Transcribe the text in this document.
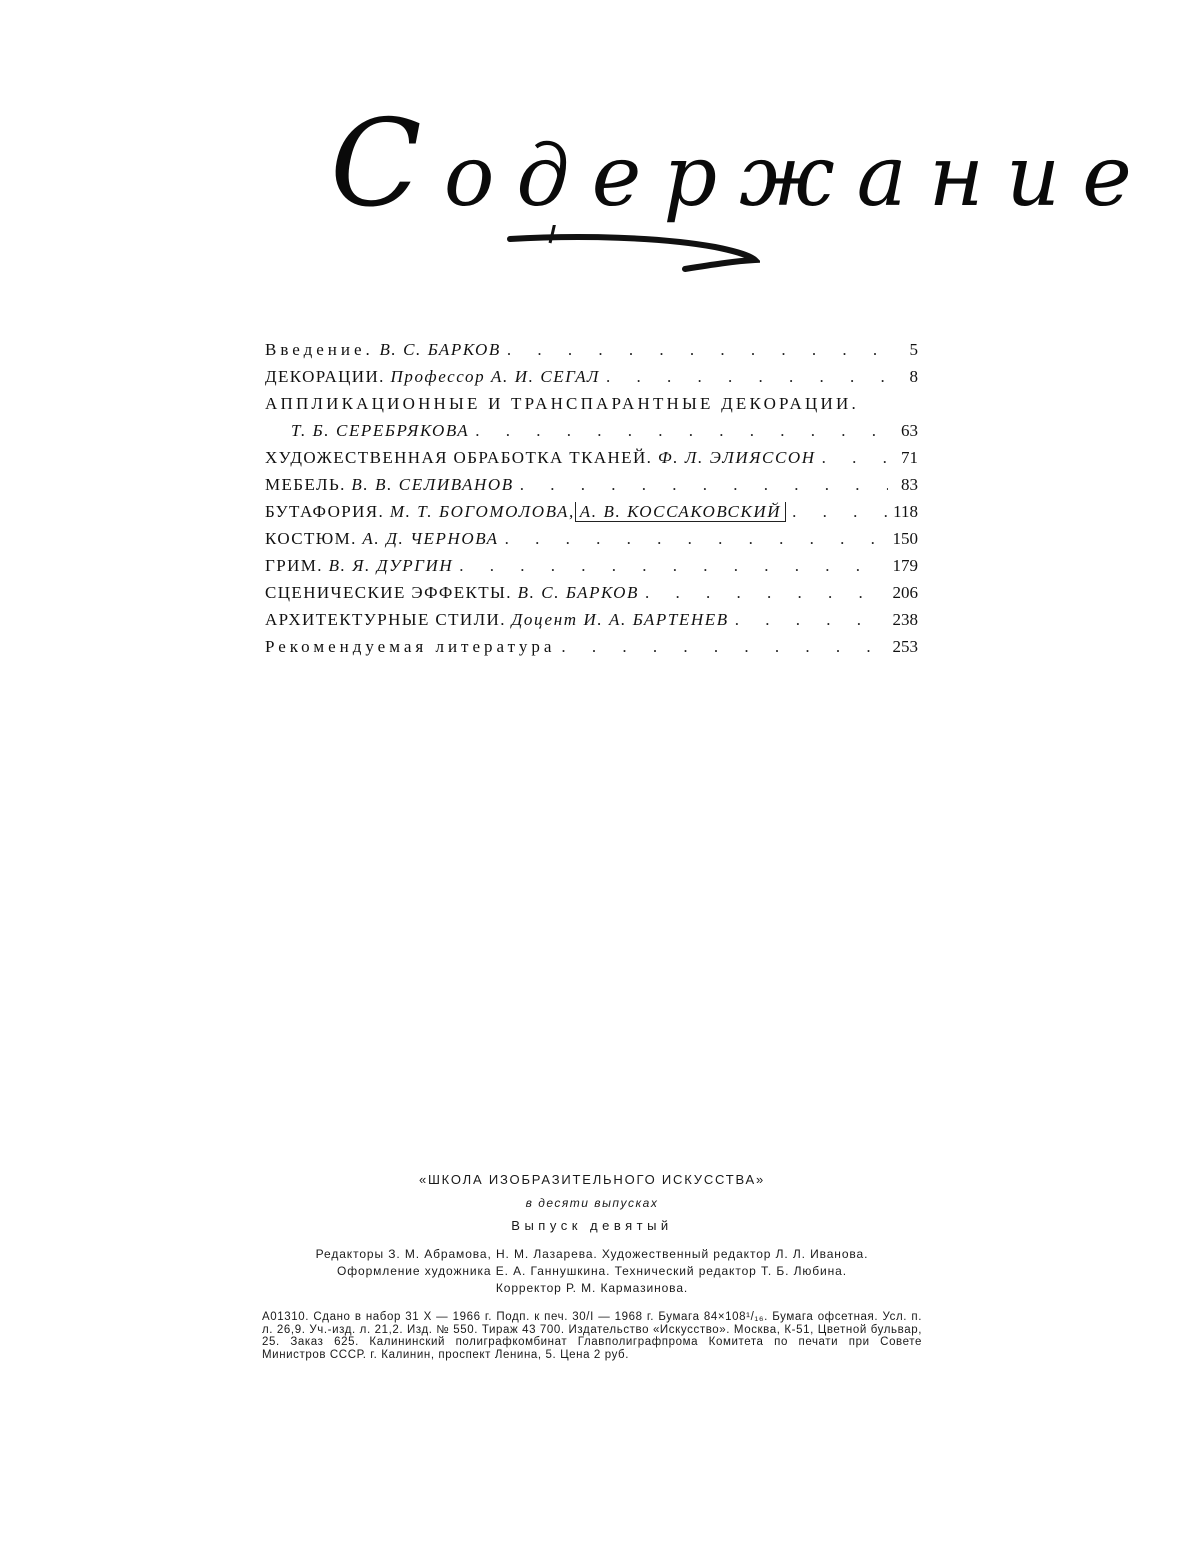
Содержание
Введение. В. С. БАРКОВ . . .	5
ДЕКОРАЦИИ. Профессор А. И. СЕГАЛ . . .	8
АППЛИКАЦИОННЫЕ И ТРАНСПАРАНТНЫЕ ДЕКОРАЦИИ.
Т. Б. СЕРЕБРЯКОВА . . .	63
ХУДОЖЕСТВЕННАЯ ОБРАБОТКА ТКАНЕЙ. Ф. Л. ЭЛИЯССОН . . .	71
МЕБЕЛЬ. В. В. СЕЛИВАНОВ . . .	83
БУТАФОРИЯ. М. Т. БОГОМОЛОВА, А. В. КОССАКОВСКИЙ . . .	118
КОСТЮМ. А. Д. ЧЕРНОВА . . .	150
ГРИМ. В. Я. ДУРГИН . . .	179
СЦЕНИЧЕСКИЕ ЭФФЕКТЫ. В. С. БАРКОВ . . .	206
АРХИТЕКТУРНЫЕ СТИЛИ. Доцент И. А. БАРТЕНЕВ . . .	238
Рекомендуемая литература . . .	253
«ШКОЛА ИЗОБРАЗИТЕЛЬНОГО ИСКУССТВА»
в десяти выпусках
Выпуск девятый
Редакторы З. М. Абрамова, Н. М. Лазарева. Художественный редактор Л. Л. Иванова.
Оформление художника Е. А. Ганнушкина. Технический редактор Т. Б. Любина.
Корректор Р. М. Кармазинова.
А01310. Сдано в набор 31 X — 1966 г. Подп. к печ. 30/I — 1968 г. Бумага 84×108¹/₁₆. Бумага офсетная. Усл. п. л. 26,9. Уч.-изд. л. 21,2. Изд. № 550. Тираж 43 700. Издательство «Искусство». Москва, К-51, Цветной бульвар, 25. Заказ 625. Калининский полиграфкомбинат Главполиграфпрома Комитета по печати при Совете Министров СССР. г. Калинин, проспект Ленина, 5. Цена 2 руб.
